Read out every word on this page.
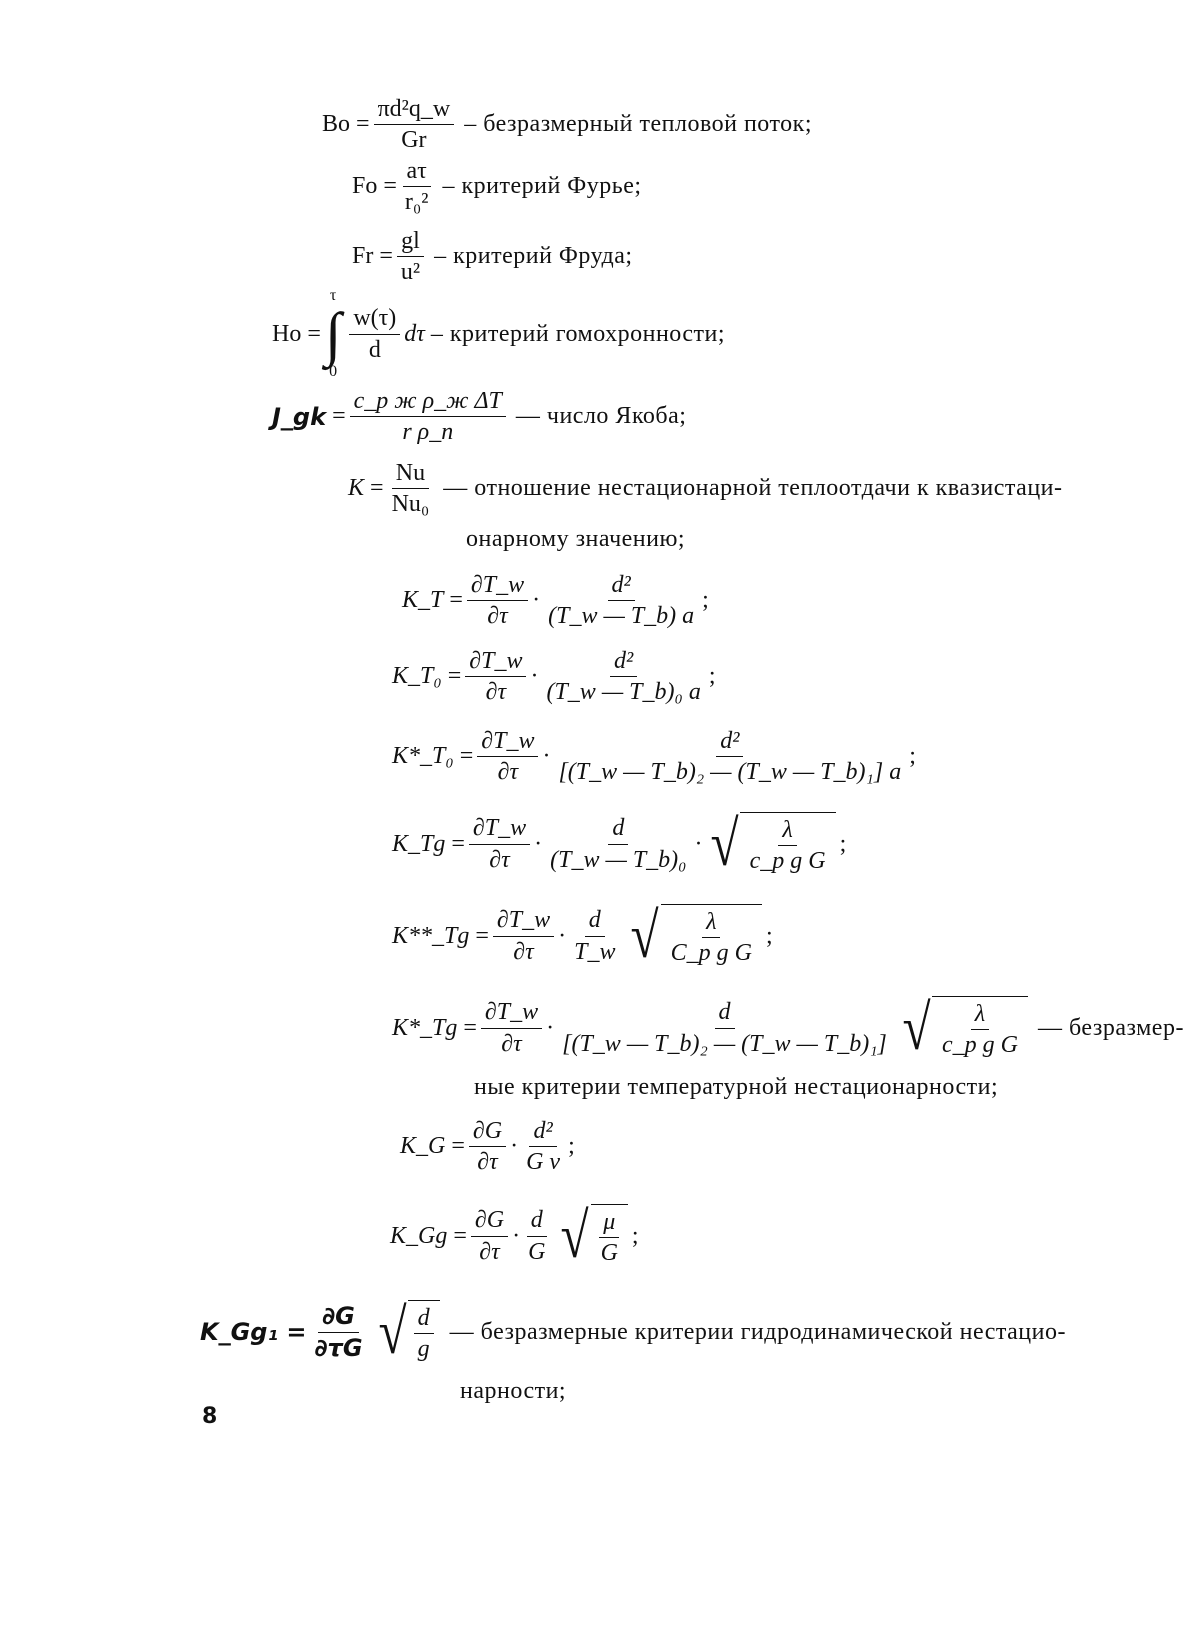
$Bo = \frac{\text{πd²q\_w}}{Gr}$ – безразмерный тепловой поток;
$Fo = \frac{a\tau}{\text{r₀²}}$ – критерий Фурье;
$Fr = \frac{gl}{\text{u²}}$ – критерий Фруда;
Ho =
τ
∫
0
$\frac{w(\tau)}{d}$ dτ – критерий гомохронности;
J_gk = $\frac{\text{c\_p ж ρ\_ж ΔT}}{\text{r ρ\_п}}$ — число Якоба;
$K = \frac{Nu}{\text{Nu₀}}$ — отношение нестационарной теплоотдачи к квазистаци-
онарному значению;
K_T = $\frac{\partial T\_w}{\partial\tau} \cdot \frac{\text{d²}}{(T\_w — T\_b) a}$ ;
K_T₀ = $\frac{\partial T\_w}{\partial\tau} \cdot \frac{\text{d²}}{\text{(T\_w — T\_b)₀ a}}$ ;
K*_T₀ = $\frac{\partial T\_w}{\partial\tau} \cdot \frac{\text{d²}}{\text{[(T\_w — T\_b)₂ — (T\_w — T\_b)₁] a}}$ ;
K_Tg = $\frac{\partial T\_w}{\partial\tau} \cdot \frac{d}{\text{(T\_w — T\_b)₀}}$ · √ $\frac{\lambda}{\text{c\_p g G}}$ ;
K**_Tg = $\frac{\partial T\_w}{\partial\tau} \cdot \frac{d}{T\_w}$ √ $\frac{\lambda}{\text{C\_p g G}}$ ;
K*_Tg = $\frac{\partial T\_w}{\partial\tau} \cdot \frac{d}{\text{[(T\_w — T\_b)₂ — (T\_w — T\_b)₁]}}$ √ $\frac{\lambda}{\text{c\_p g G}}$ — безразмер-
ные критерии температурной нестационарности;
K_G = $\frac{\partial G}{\partial\tau} \cdot \frac{\text{d²}}{\text{G ν}}$ ;
K_Gg = $\frac{\partial G}{\partial\tau} \cdot \frac{d}{G}$ √ $\frac{\mu}{G}$ ;
K_Gg₁ = $\frac{\partial G}{\partial\tau G}$ √ $\frac{d}{g}$ — безразмерные критерии гидродинамической нестацио-
нарности;
8
